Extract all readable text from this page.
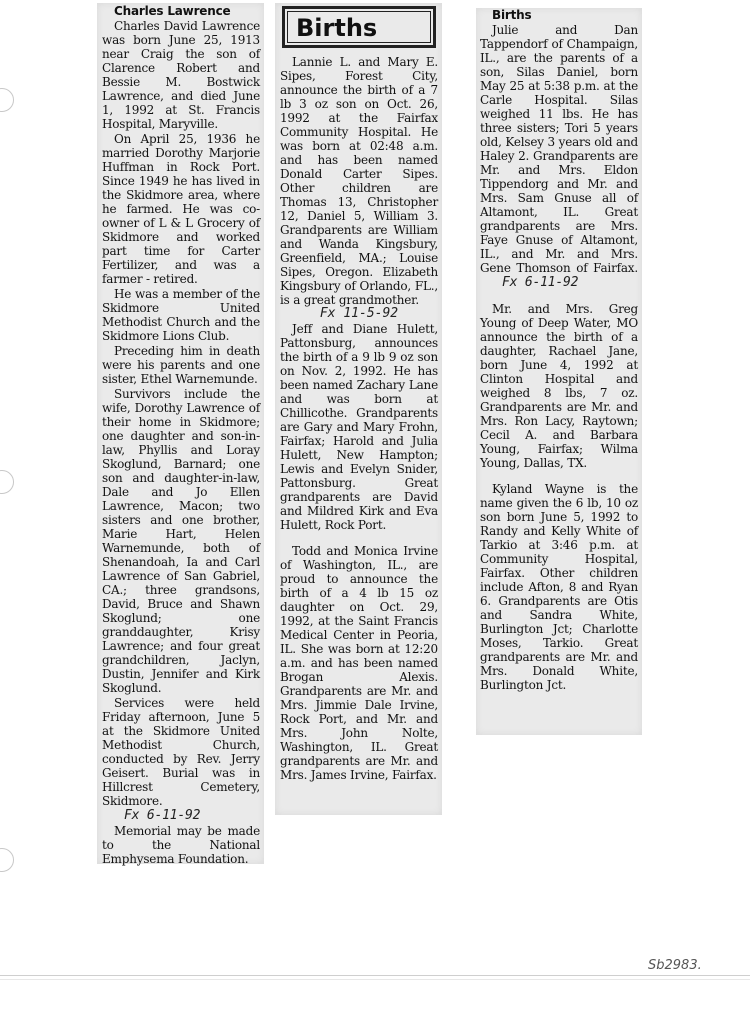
Charles Lawrence

Charles David Lawrence was born June 25, 1913 near Craig the son of Clarence Robert and Bessie M. Bostwick Lawrence, and died June 1, 1992 at St. Francis Hospital, Maryville.

On April 25, 1936 he married Dorothy Marjorie Huffman in Rock Port. Since 1949 he has lived in the Skidmore area, where he farmed. He was co-owner of L & L Grocery of Skidmore and worked part time for Carter Fertilizer, and was a farmer - retired.

He was a member of the Skidmore United Methodist Church and the Skidmore Lions Club.

Preceding him in death were his parents and one sister, Ethel Warnemunde.

Survivors include the wife, Dorothy Lawrence of their home in Skidmore; one daughter and son-in-law, Phyllis and Loray Skoglund, Barnard; one son and daughter-in-law, Dale and Jo Ellen Lawrence, Macon; two sisters and one brother, Marie Hart, Helen Warnemunde, both of Shenandoah, Ia and Carl Lawrence of San Gabriel, CA.; three grandsons, David, Bruce and Shawn Skoglund; one granddaughter, Krisy Lawrence; and four great grandchildren, Jaclyn, Dustin, Jennifer and Kirk Skoglund.

Services were held Friday afternoon, June 5 at the Skidmore United Methodist Church, conducted by Rev. Jerry Geisert. Burial was in Hillcrest Cemetery, Skidmore.Fx 6-11-92

Memorial may be made to the National Emphysema Foundation.

Births

Lannie L. and Mary E. Sipes, Forest City, announce the birth of a 7 lb 3 oz son on Oct. 26, 1992 at the Fairfax Community Hospital. He was born at 02:48 a.m. and has been named Donald Carter Sipes. Other children are Thomas 13, Christopher 12, Daniel 5, William 3. Grandparents are William and Wanda Kingsbury, Greenfield, MA.; Louise Sipes, Oregon. Elizabeth Kingsbury of Orlando, FL., is a great grandmother.

Fx 11-5-92

Jeff and Diane Hulett, Pattonsburg, announces the birth of a 9 lb 9 oz son on Nov. 2, 1992. He has been named Zachary Lane and was born at Chillicothe. Grandparents are Gary and Mary Frohn, Fairfax; Harold and Julia Hulett, New Hampton; Lewis and Evelyn Snider, Pattonsburg. Great grandparents are David and Mildred Kirk and Eva Hulett, Rock Port.

Todd and Monica Irvine of Washington, IL., are proud to announce the birth of a 4 lb 15 oz daughter on Oct. 29, 1992, at the Saint Francis Medical Center in Peoria, IL. She was born at 12:20 a.m. and has been named Brogan Alexis. Grandparents are Mr. and Mrs. Jimmie Dale Irvine, Rock Port, and Mr. and Mrs. John Nolte, Washington, IL. Great grandparents are Mr. and Mrs. James Irvine, Fairfax.

Births

Julie and Dan Tappendorf of Champaign, IL., are the parents of a son, Silas Daniel, born May 25 at 5:38 p.m. at the Carle Hospital. Silas weighed 11 lbs. He has three sisters; Tori 5 years old, Kelsey 3 years old and Haley 2. Grandparents are Mr. and Mrs. Eldon Tippendorg and Mr. and Mrs. Sam Gnuse all of Altamont, IL. Great grandparents are Mrs. Faye Gnuse of Altamont, IL., and Mr. and Mrs. Gene Thomson of Fairfax.Fx 6-11-92

Mr. and Mrs. Greg Young of Deep Water, MO announce the birth of a daughter, Rachael Jane, born June 4, 1992 at Clinton Hospital and weighed 8 lbs, 7 oz. Grandparents are Mr. and Mrs. Ron Lacy, Raytown; Cecil A. and Barbara Young, Fairfax; Wilma Young, Dallas, TX.

Kyland Wayne is the name given the 6 lb, 10 oz son born June 5, 1992 to Randy and Kelly White of Tarkio at 3:46 p.m. at Community Hospital, Fairfax. Other children include Afton, 8 and Ryan 6. Grandparents are Otis and Sandra White, Burlington Jct; Charlotte Moses, Tarkio. Great grandparents are Mr. and Mrs. Donald White, Burlington Jct.

Sb2983.
